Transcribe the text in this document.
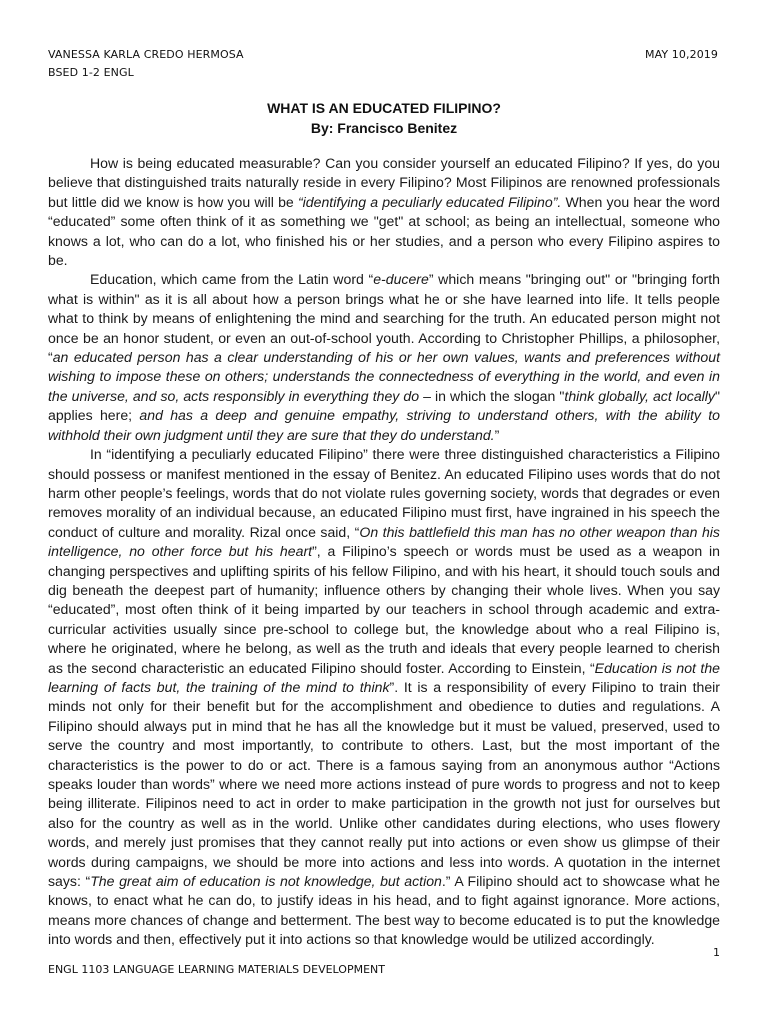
VANESSA KARLA CREDO HERMOSA
BSED 1-2 ENGL
MAY 10,2019
WHAT IS AN EDUCATED FILIPINO?
By: Francisco Benitez

How is being educated measurable? Can you consider yourself an educated Filipino? If yes, do you believe that distinguished traits naturally reside in every Filipino? Most Filipinos are renowned professionals but little did we know is how you will be “identifying a peculiarly educated Filipino”. When you hear the word “educated” some often think of it as something we "get" at school; as being an intellectual, someone who knows a lot, who can do a lot, who finished his or her studies, and a person who every Filipino aspires to be.

Education, which came from the Latin word “e-ducere” which means "bringing out" or "bringing forth what is within" as it is all about how a person brings what he or she have learned into life. It tells people what to think by means of enlightening the mind and searching for the truth. An educated person might not once be an honor student, or even an out-of-school youth. According to Christopher Phillips, a philosopher, “an educated person has a clear understanding of his or her own values, wants and preferences without wishing to impose these on others; understands the connectedness of everything in the world, and even in the universe, and so, acts responsibly in everything they do – in which the slogan "think globally, act locally" applies here; and has a deep and genuine empathy, striving to understand others, with the ability to withhold their own judgment until they are sure that they do understand.”

In “identifying a peculiarly educated Filipino” there were three distinguished characteristics a Filipino should possess or manifest mentioned in the essay of Benitez. An educated Filipino uses words that do not harm other people’s feelings, words that do not violate rules governing society, words that degrades or even removes morality of an individual because, an educated Filipino must first, have ingrained in his speech the conduct of culture and morality. Rizal once said, “On this battlefield this man has no other weapon than his intelligence, no other force but his heart”, a Filipino’s speech or words must be used as a weapon in changing perspectives and uplifting spirits of his fellow Filipino, and with his heart, it should touch souls and dig beneath the deepest part of humanity; influence others by changing their whole lives. When you say “educated”, most often think of it being imparted by our teachers in school through academic and extra-curricular activities usually since pre-school to college but, the knowledge about who a real Filipino is, where he originated, where he belong, as well as the truth and ideals that every people learned to cherish as the second characteristic an educated Filipino should foster. According to Einstein, “Education is not the learning of facts but, the training of the mind to think”. It is a responsibility of every Filipino to train their minds not only for their benefit but for the accomplishment and obedience to duties and regulations. A Filipino should always put in mind that he has all the knowledge but it must be valued, preserved, used to serve the country and most importantly, to contribute to others. Last, but the most important of the characteristics is the power to do or act. There is a famous saying from an anonymous author “Actions speaks louder than words” where we need more actions instead of pure words to progress and not to keep being illiterate. Filipinos need to act in order to make participation in the growth not just for ourselves but also for the country as well as in the world. Unlike other candidates during elections, who uses flowery words, and merely just promises that they cannot really put into actions or even show us glimpse of their words during campaigns, we should be more into actions and less into words. A quotation in the internet says: “The great aim of education is not knowledge, but action.” A Filipino should act to showcase what he knows, to enact what he can do, to justify ideas in his head, and to fight against ignorance. More actions, means more chances of change and betterment. The best way to become educated is to put the knowledge into words and then, effectively put it into actions so that knowledge would be utilized accordingly.

1
ENGL 1103 LANGUAGE LEARNING MATERIALS DEVELOPMENT
